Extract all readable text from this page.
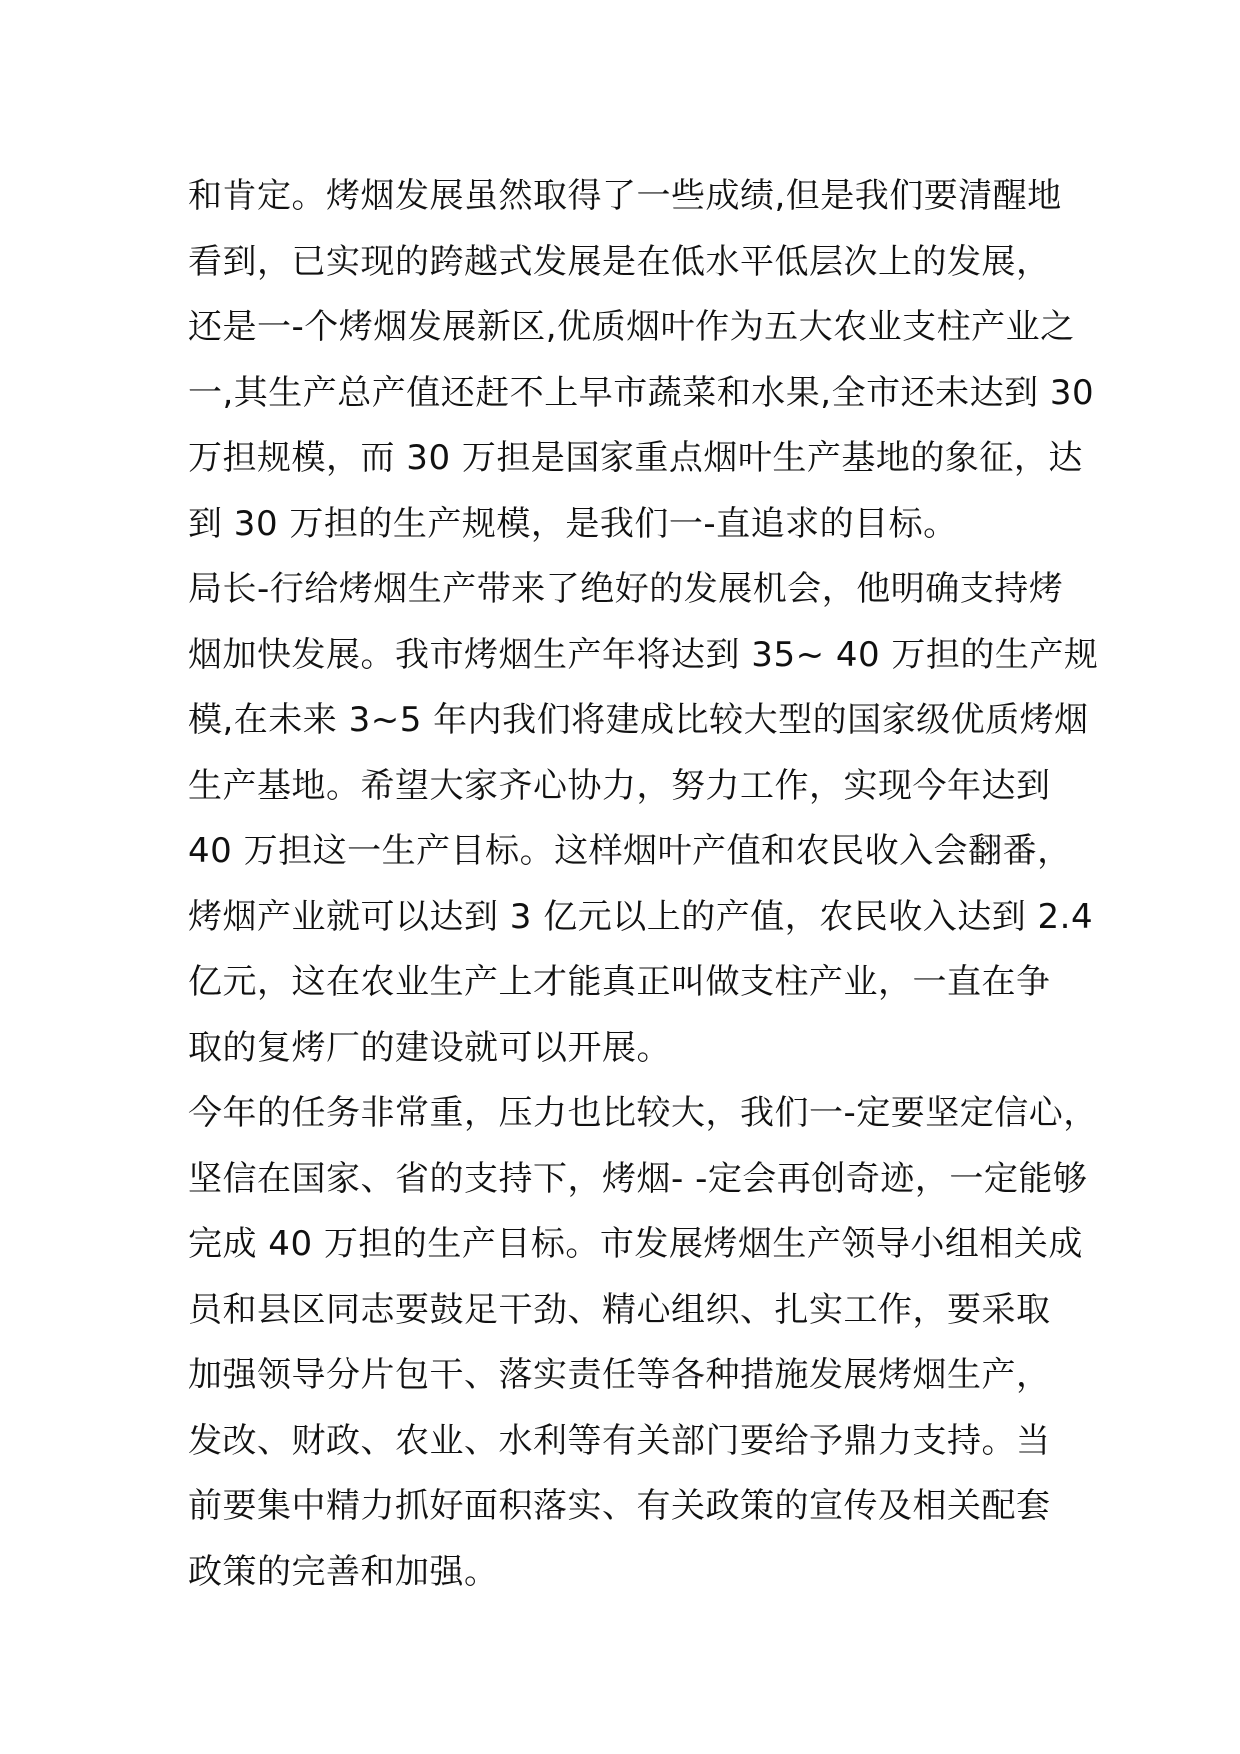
和肯定。烤烟发展虽然取得了一些成绩,但是我们要清醒地
看到，已实现的跨越式发展是在低水平低层次上的发展，
还是一-个烤烟发展新区,优质烟叶作为五大农业支柱产业之
一,其生产总产值还赶不上早市蔬菜和水果,全市还未达到 30
万担规模，而 30 万担是国家重点烟叶生产基地的象征，达
到 30 万担的生产规模，是我们一-直追求的目标。
局长-行给烤烟生产带来了绝好的发展机会，他明确支持烤
烟加快发展。我市烤烟生产年将达到 35~ 40 万担的生产规
模,在未来 3~5 年内我们将建成比较大型的国家级优质烤烟
生产基地。希望大家齐心协力，努力工作，实现今年达到
40 万担这一生产目标。这样烟叶产值和农民收入会翻番，
烤烟产业就可以达到 3 亿元以上的产值，农民收入达到 2.4
亿元，这在农业生产上才能真正叫做支柱产业，一直在争
取的复烤厂的建设就可以开展。
今年的任务非常重，压力也比较大，我们一-定要坚定信心，
坚信在国家、省的支持下，烤烟- -定会再创奇迹，一定能够
完成 40 万担的生产目标。市发展烤烟生产领导小组相关成
员和县区同志要鼓足干劲、精心组织、扎实工作，要采取
加强领导分片包干、落实责任等各种措施发展烤烟生产，
发改、财政、农业、水利等有关部门要给予鼎力支持。当
前要集中精力抓好面积落实、有关政策的宣传及相关配套
政策的完善和加强。
